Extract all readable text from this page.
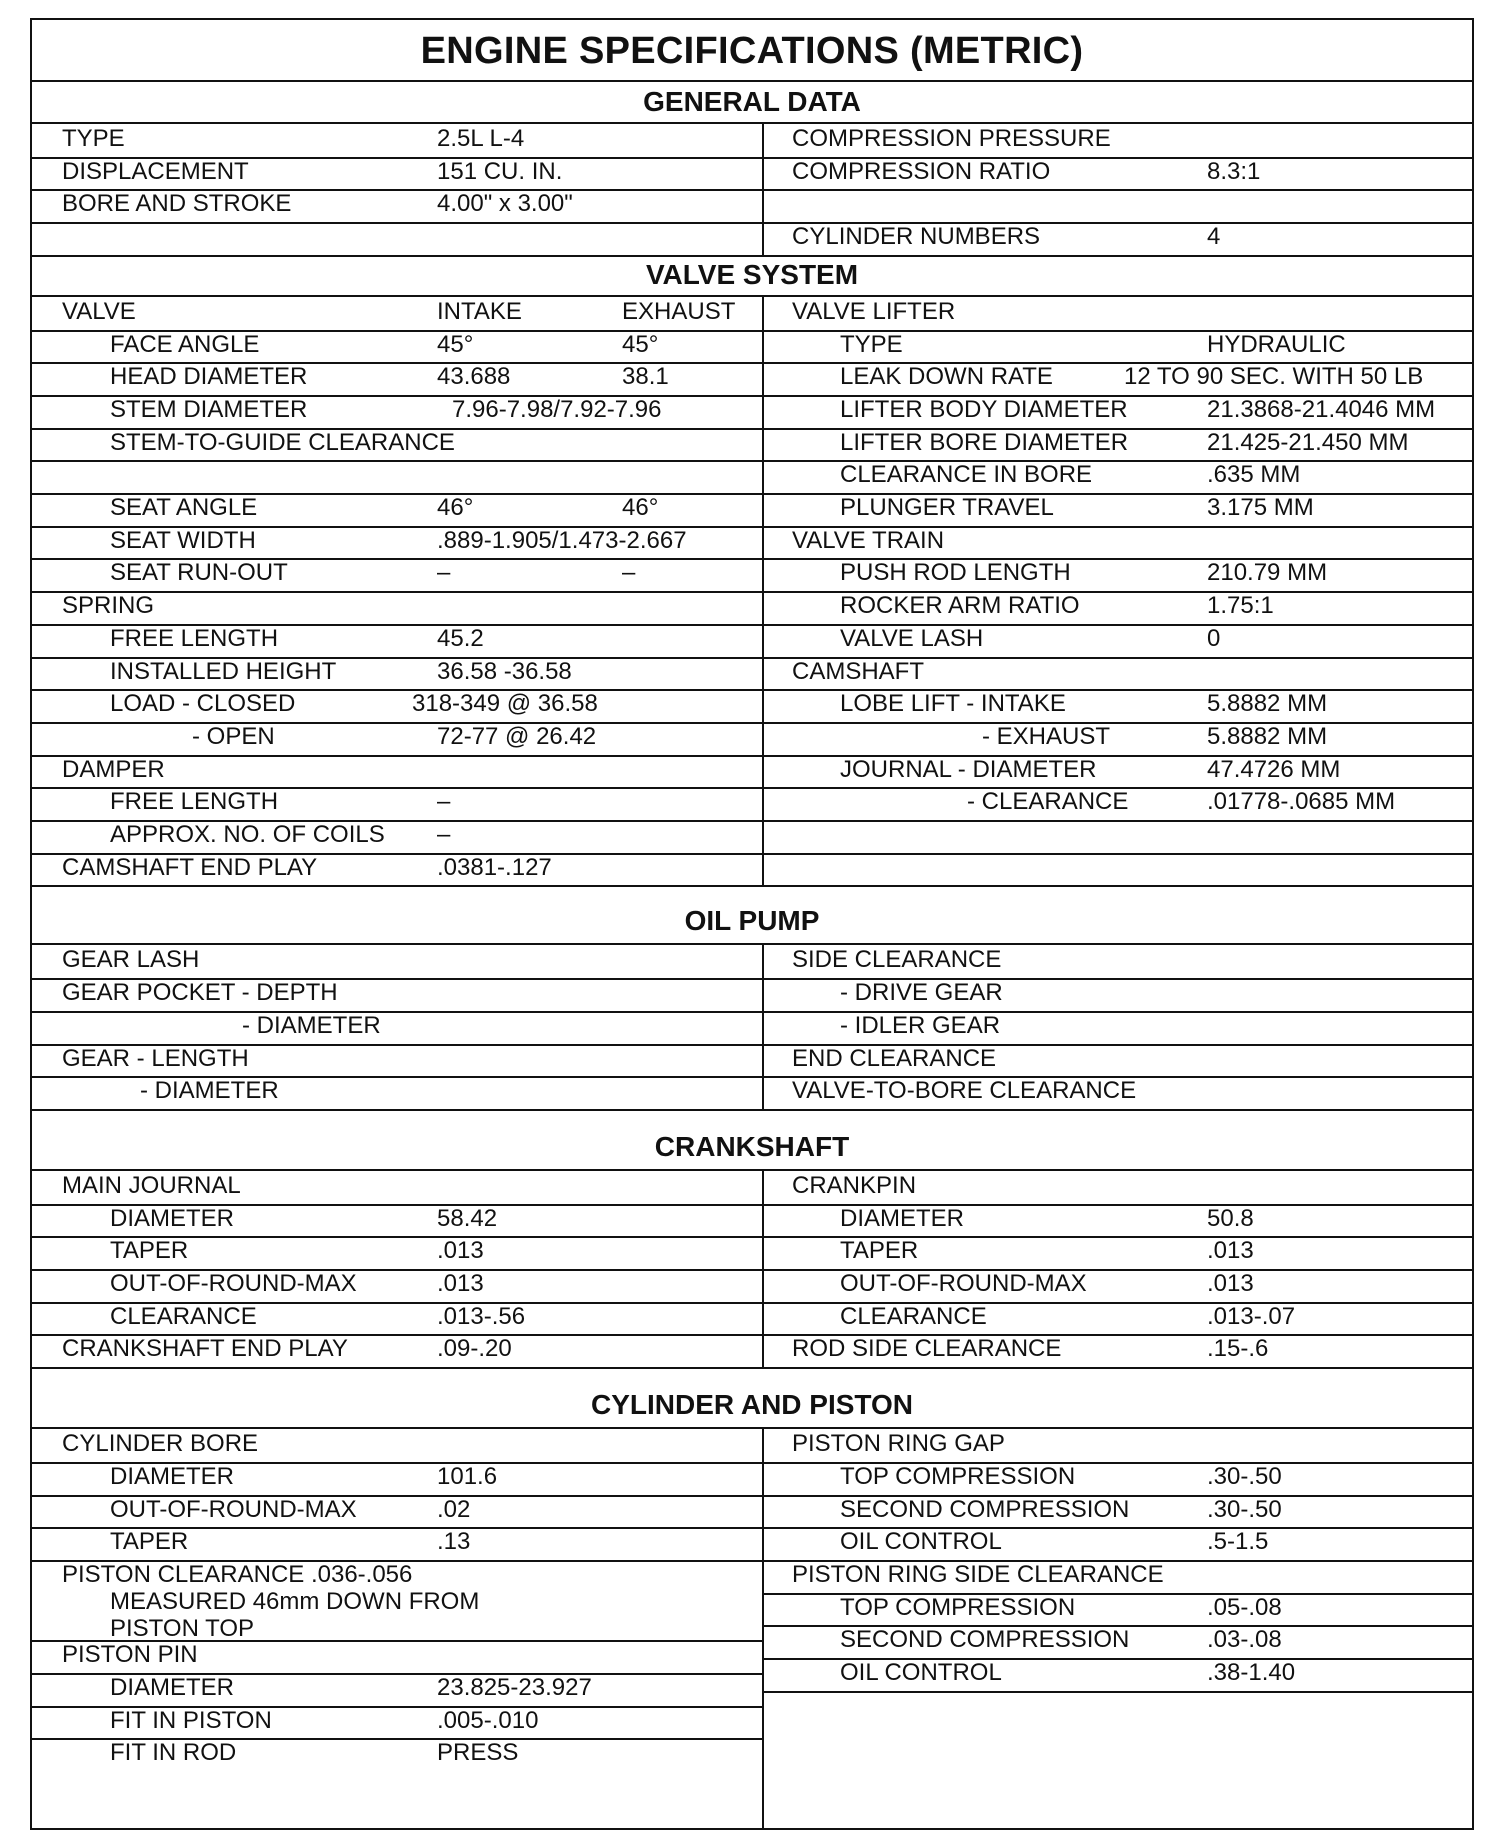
ENGINE SPECIFICATIONS (METRIC)
GENERAL DATA
TYPE	2.5L L-4
DISPLACEMENT	151 CU. IN.
BORE AND STROKE	4.00" x 3.00"
COMPRESSION PRESSURE
COMPRESSION RATIO	8.3:1
CYLINDER NUMBERS	4
VALVE SYSTEM
VALVE	INTAKE	EXHAUST
FACE ANGLE	45°	45°
HEAD DIAMETER	43.688	38.1
STEM DIAMETER	7.96-7.98/7.92-7.96
STEM-TO-GUIDE CLEARANCE
SEAT ANGLE	46°	46°
SEAT WIDTH	.889-1.905/1.473-2.667
SEAT RUN-OUT	–	–
SPRING
FREE LENGTH	45.2
INSTALLED HEIGHT	36.58 -36.58
LOAD - CLOSED	318-349 @ 36.58
- OPEN	72-77 @ 26.42
DAMPER
FREE LENGTH	–
APPROX. NO. OF COILS –
CAMSHAFT END PLAY	.0381-.127
VALVE LIFTER
TYPE	HYDRAULIC
LEAK DOWN RATE	12 TO 90 SEC. WITH 50 LB
LIFTER BODY DIAMETER	21.3868-21.4046 MM
LIFTER BORE DIAMETER	21.425-21.450 MM
CLEARANCE IN BORE	.635 MM
PLUNGER TRAVEL	3.175 MM
VALVE TRAIN
PUSH ROD LENGTH	210.79 MM
ROCKER ARM RATIO	1.75:1
VALVE LASH	0
CAMSHAFT
LOBE LIFT - INTAKE	5.8882 MM
- EXHAUST	5.8882 MM
JOURNAL - DIAMETER	47.4726 MM
- CLEARANCE	.01778-.0685 MM
OIL PUMP
GEAR LASH
GEAR POCKET - DEPTH
- DIAMETER
GEAR - LENGTH
- DIAMETER
SIDE CLEARANCE
- DRIVE GEAR
- IDLER GEAR
END CLEARANCE
VALVE-TO-BORE CLEARANCE
CRANKSHAFT
MAIN JOURNAL
DIAMETER	58.42
TAPER	.013
OUT-OF-ROUND-MAX	.013
CLEARANCE	.013-.56
CRANKSHAFT END PLAY	.09-.20
CRANKPIN
DIAMETER	50.8
TAPER	.013
OUT-OF-ROUND-MAX	.013
CLEARANCE	.013-.07
ROD SIDE CLEARANCE	.15-.6
CYLINDER AND PISTON
CYLINDER BORE
DIAMETER	101.6
OUT-OF-ROUND-MAX	.02
TAPER	.13
PISTON CLEARANCE .036-.056
MEASURED 46mm DOWN FROM
PISTON TOP
PISTON PIN
DIAMETER	23.825-23.927
FIT IN PISTON	.005-.010
FIT IN ROD	PRESS
PISTON RING GAP
TOP COMPRESSION	.30-.50
SECOND COMPRESSION	.30-.50
OIL CONTROL	.5-1.5
PISTON RING SIDE CLEARANCE
TOP COMPRESSION	.05-.08
SECOND COMPRESSION	.03-.08
OIL CONTROL	.38-1.40
